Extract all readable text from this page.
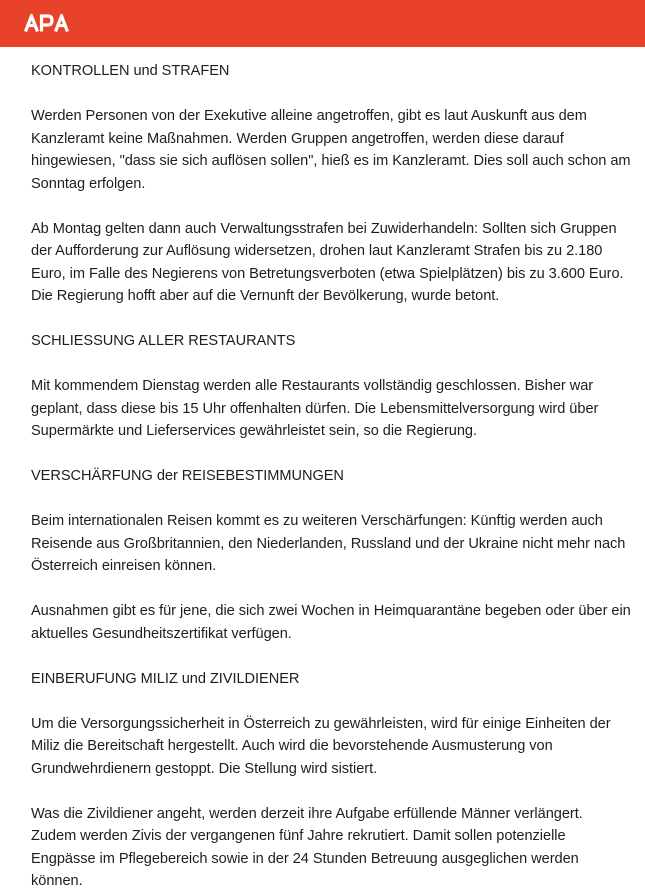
KONTROLLEN und STRAFEN

Werden Personen von der Exekutive alleine angetroffen, gibt es laut Auskunft aus dem Kanzleramt keine Maßnahmen. Werden Gruppen angetroffen, werden diese darauf hingewiesen, "dass sie sich auflösen sollen", hieß es im Kanzleramt. Dies soll auch schon am Sonntag erfolgen.

Ab Montag gelten dann auch Verwaltungsstrafen bei Zuwiderhandeln: Sollten sich Gruppen der Aufforderung zur Auflösung widersetzen, drohen laut Kanzleramt Strafen bis zu 2.180 Euro, im Falle des Negierens von Betretungsverboten (etwa Spielplätzen) bis zu 3.600 Euro. Die Regierung hofft aber auf die Vernunft der Bevölkerung, wurde betont.

SCHLIESSUNG ALLER RESTAURANTS

Mit kommendem Dienstag werden alle Restaurants vollständig geschlossen. Bisher war geplant, dass diese bis 15 Uhr offenhalten dürfen. Die Lebensmittelversorgung wird über Supermärkte und Lieferservices gewährleistet sein, so die Regierung.

VERSCHÄRFUNG der REISEBESTIMMUNGEN

Beim internationalen Reisen kommt es zu weiteren Verschärfungen: Künftig werden auch Reisende aus Großbritannien, den Niederlanden, Russland und der Ukraine nicht mehr nach Österreich einreisen können.

Ausnahmen gibt es für jene, die sich zwei Wochen in Heimquarantäne begeben oder über ein aktuelles Gesundheitszertifikat verfügen.

EINBERUFUNG MILIZ und ZIVILDIENER

Um die Versorgungssicherheit in Österreich zu gewährleisten, wird für einige Einheiten der Miliz die Bereitschaft hergestellt. Auch wird die bevorstehende Ausmusterung von Grundwehrdienern gestoppt. Die Stellung wird sistiert.

Was die Zivildiener angeht, werden derzeit ihre Aufgabe erfüllende Männer verlängert. Zudem werden Zivis der vergangenen fünf Jahre rekrutiert. Damit sollen potenzielle Engpässe im Pflegebereich sowie in der 24 Stunden Betreuung ausgeglichen werden können.
